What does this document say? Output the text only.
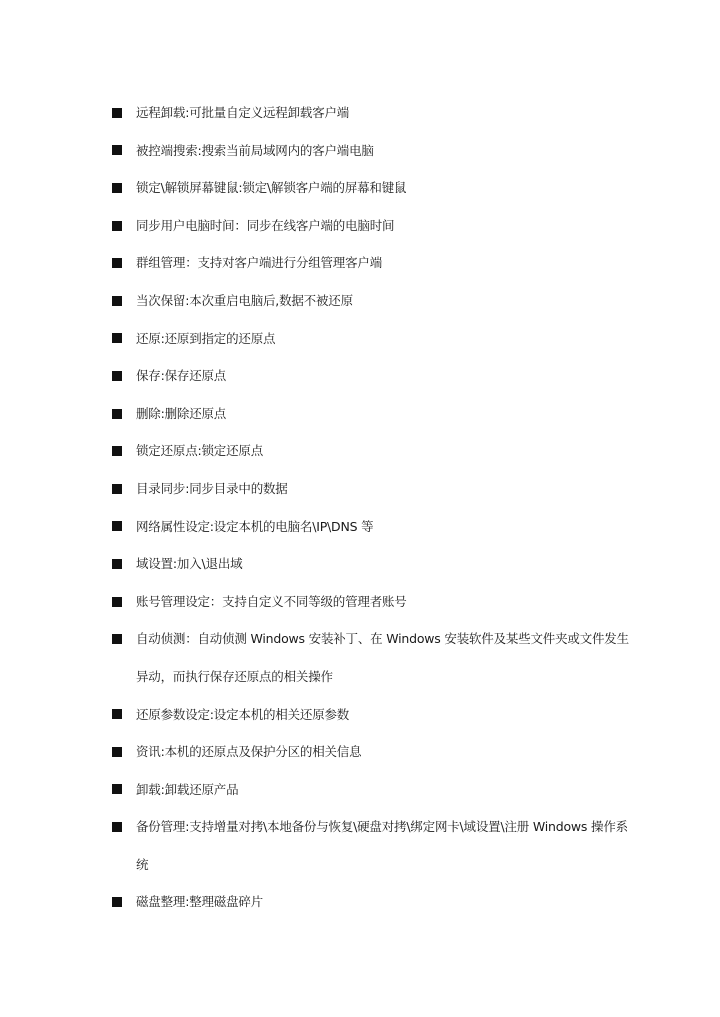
远程卸载:可批量自定义远程卸载客户端
被控端搜索:搜索当前局域网内的客户端电脑
锁定\解锁屏幕键鼠:锁定\解锁客户端的屏幕和键鼠
同步用户电脑时间：同步在线客户端的电脑时间
群组管理：支持对客户端进行分组管理客户端
当次保留:本次重启电脑后,数据不被还原
还原:还原到指定的还原点
保存:保存还原点
删除:删除还原点
锁定还原点:锁定还原点
目录同步:同步目录中的数据
网络属性设定:设定本机的电脑名\IP\DNS 等
域设置:加入\退出域
账号管理设定：支持自定义不同等级的管理者账号
自动侦测：自动侦测 Windows 安装补丁、在 Windows 安装软件及某些文件夹或文件发生异动，而执行保存还原点的相关操作
还原参数设定:设定本机的相关还原参数
资讯:本机的还原点及保护分区的相关信息
卸载:卸载还原产品
备份管理:支持增量对拷\本地备份与恢复\硬盘对拷\绑定网卡\域设置\注册 Windows 操作系统
磁盘整理:整理磁盘碎片
